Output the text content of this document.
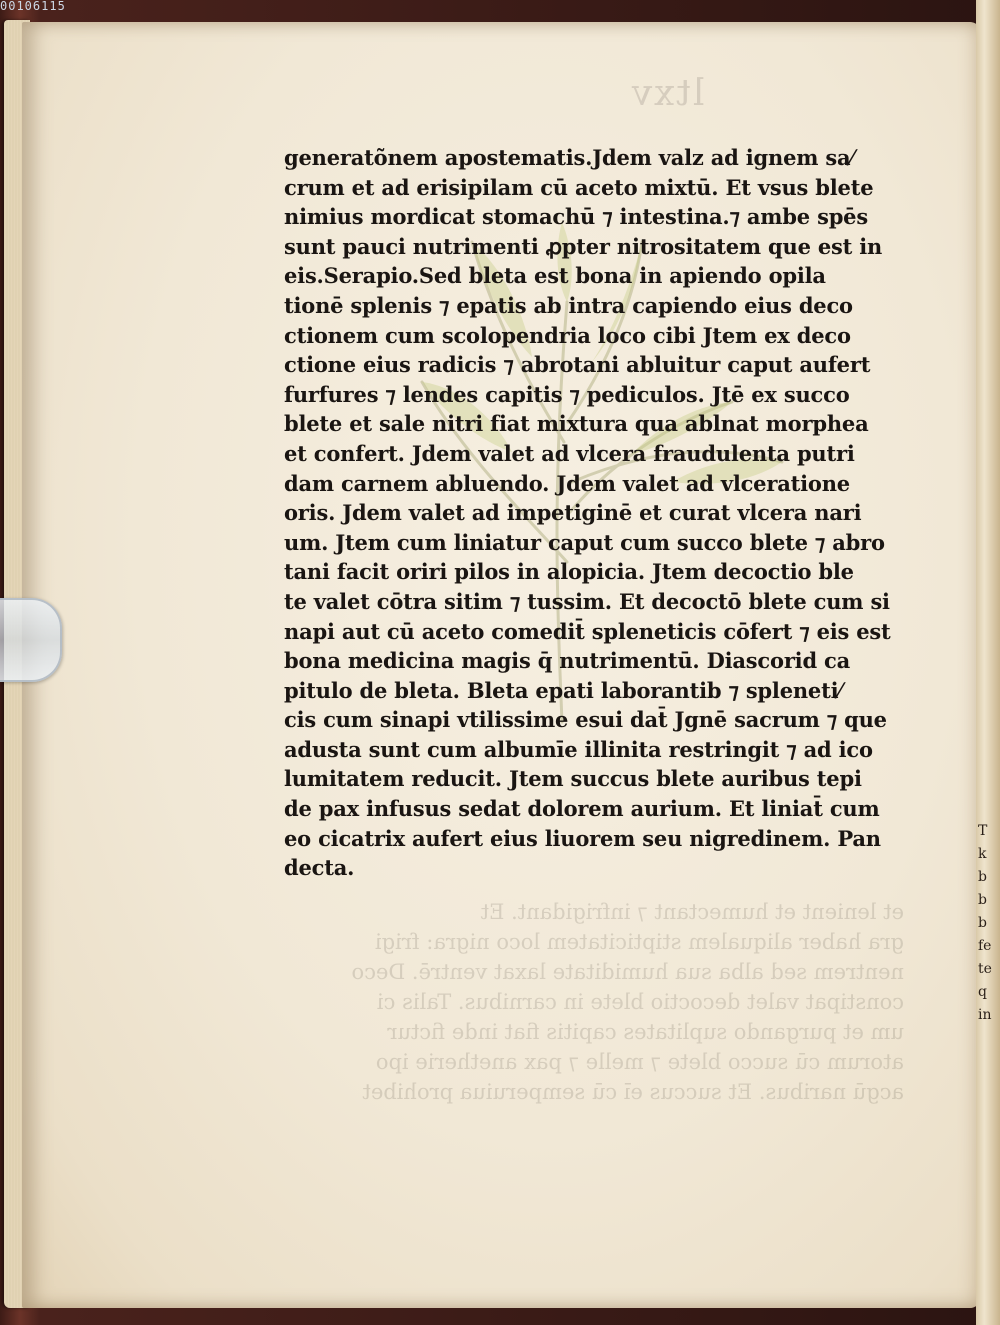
00106115
ltxv
et lenient et humectant ⁊ infrigidant. Et
gra haber aliqualem stipticitatem loco nigra: frigi
nentrem sed alba sua humiditate laxat ventrē. Deco
constipat valet decoctio blete in carnibus. Talis ci
um et purgando suplitates capitis fiat inde fictur
atorum cū succo blete ⁊ melle ⁊ pax anetherie ipo
acgū naribus. Et succus eī cū semperuiua prohibet
generatõnem apostematis.Jdem valz ad ignem sa⁄
crum et ad erisipilam cū aceto mixtū. Et vsus blete
nimius mordicat stomachū ⁊ intestina.⁊ ambe spēs
sunt pauci nutrimenti ꝓpter nitrositatem que est in
eis.Serapio.Sed bleta est bona in apiendo opila
tionē splenis ⁊ epatis ab intra capiendo eius deco
ctionem cum scolopendria loco cibi Jtem ex deco
ctione eius radicis ⁊ abrotani abluitur caput aufert
furfures ⁊ lendes capitis ⁊ pediculos. Jtē ex succo
blete et sale nitri fiat mixtura qua ablnat morphea
et confert. Jdem valet ad vlcera fraudulenta putri
dam carnem abluendo. Jdem valet ad vlceratione
oris. Jdem valet ad impetiginē et curat vlcera nari
um. Jtem cum liniatur caput cum succo blete ⁊ abro
tani facit oriri pilos in alopicia. Jtem decoctio ble
te valet cōtra sitim ⁊ tussim. Et decoctō blete cum si
napi aut cū aceto comedit̄ spleneticis cōfert ⁊ eis est
bona medicina magis q̄ nutrimentū. Diascorid ca
pitulo de bleta. Bleta epati laborantib ⁊ spleneti⁄
cis cum sinapi vtilissime esui dat̄ Jgnē sacrum ⁊ que
adusta sunt cum albumīe illinita restringit ⁊ ad ico
lumitatem reducit. Jtem succus blete auribus tepi
de pax infusus sedat dolorem aurium. Et liniat̄ cum
eo cicatrix aufert eius liuorem seu nigredinem. Pan
decta.
T
k
b
b
b
fe
te
q
in
